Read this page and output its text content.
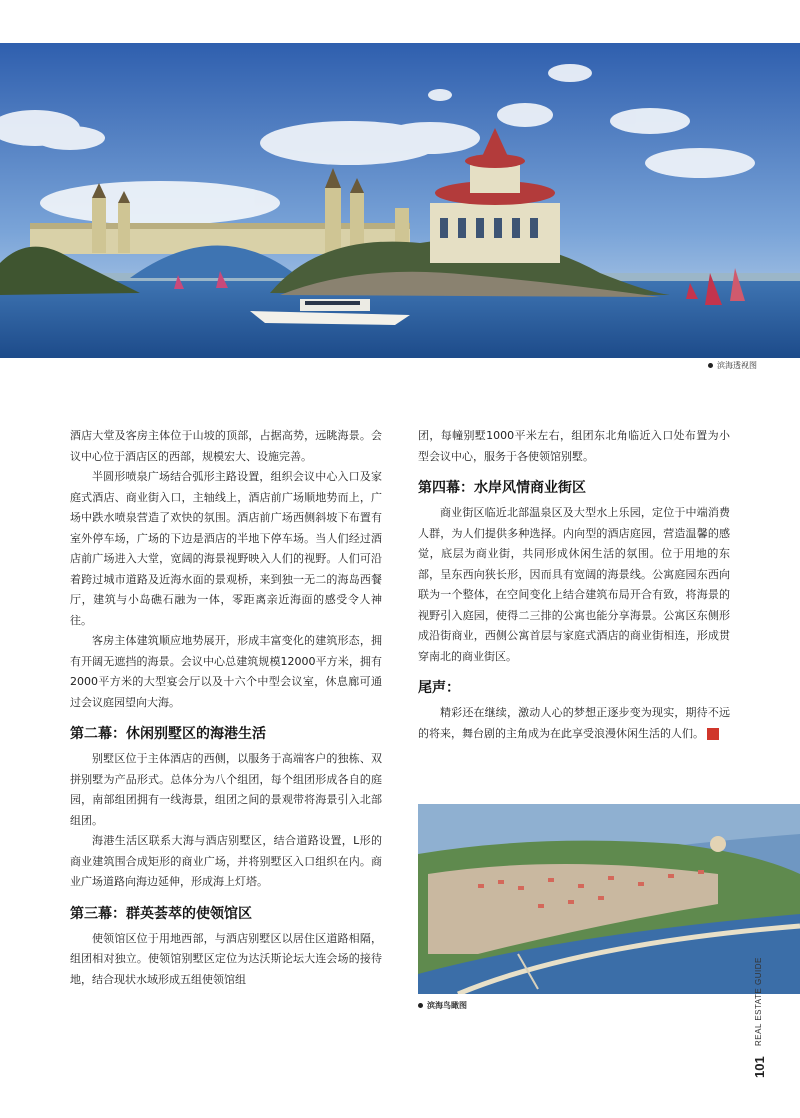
滨海透视图

酒店大堂及客房主体位于山坡的顶部，占据高势，远眺海景。会议中心位于酒店区的西部，规模宏大、设施完善。

半圆形喷泉广场结合弧形主路设置，组织会议中心入口及家庭式酒店、商业街入口，主轴线上，酒店前广场顺地势而上，广场中跌水喷泉营造了欢快的氛围。酒店前广场西侧斜坡下布置有室外停车场，广场的下边是酒店的半地下停车场。当人们经过酒店前广场进入大堂，宽阔的海景视野映入人们的视野。人们可沿着跨过城市道路及近海水面的景观桥，来到独一无二的海岛西餐厅，建筑与小岛礁石融为一体，零距离亲近海面的感受令人神往。

客房主体建筑顺应地势展开，形成丰富变化的建筑形态，拥有开阔无遮挡的海景。会议中心总建筑规模12000平方米，拥有2000平方米的大型宴会厅以及十六个中型会议室，休息廊可通过会议庭园望向大海。

第二幕：休闲别墅区的海港生活

别墅区位于主体酒店的西侧，以服务于高端客户的独栋、双拼别墅为产品形式。总体分为八个组团，每个组团形成各自的庭园，南部组团拥有一线海景，组团之间的景观带将海景引入北部组团。

海港生活区联系大海与酒店别墅区，结合道路设置，L形的商业建筑围合成矩形的商业广场，并将别墅区入口组织在内。商业广场道路向海边延伸，形成海上灯塔。

第三幕：群英荟萃的使领馆区

使领馆区位于用地西部，与酒店别墅区以居住区道路相隔，组团相对独立。使领馆别墅区定位为达沃斯论坛大连会场的接待地，结合现状水域形成五组使领馆组

团，每幢别墅1000平米左右，组团东北角临近入口处布置为小型会议中心，服务于各使领馆别墅。

第四幕：水岸风情商业街区

商业街区临近北部温泉区及大型水上乐园，定位于中端消费人群，为人们提供多种选择。内向型的酒店庭园，营造温馨的感觉，底层为商业街，共同形成休闲生活的氛围。位于用地的东部，呈东西向狭长形，因而具有宽阔的海景线。公寓庭园东西向联为一个整体，在空间变化上结合建筑布局开合有致，将海景的视野引入庭园，使得二三排的公寓也能分享海景。公寓区东侧形成沿街商业，西侧公寓首层与家庭式酒店的商业街相连，形成贯穿南北的商业街区。

尾声：

精彩还在继续，激动人心的梦想正逐步变为现实，期待不远的将来，舞台剧的主角成为在此享受浪漫休闲生活的人们。	写

滨海鸟瞰图
101
REAL ESTATE GUIDE
